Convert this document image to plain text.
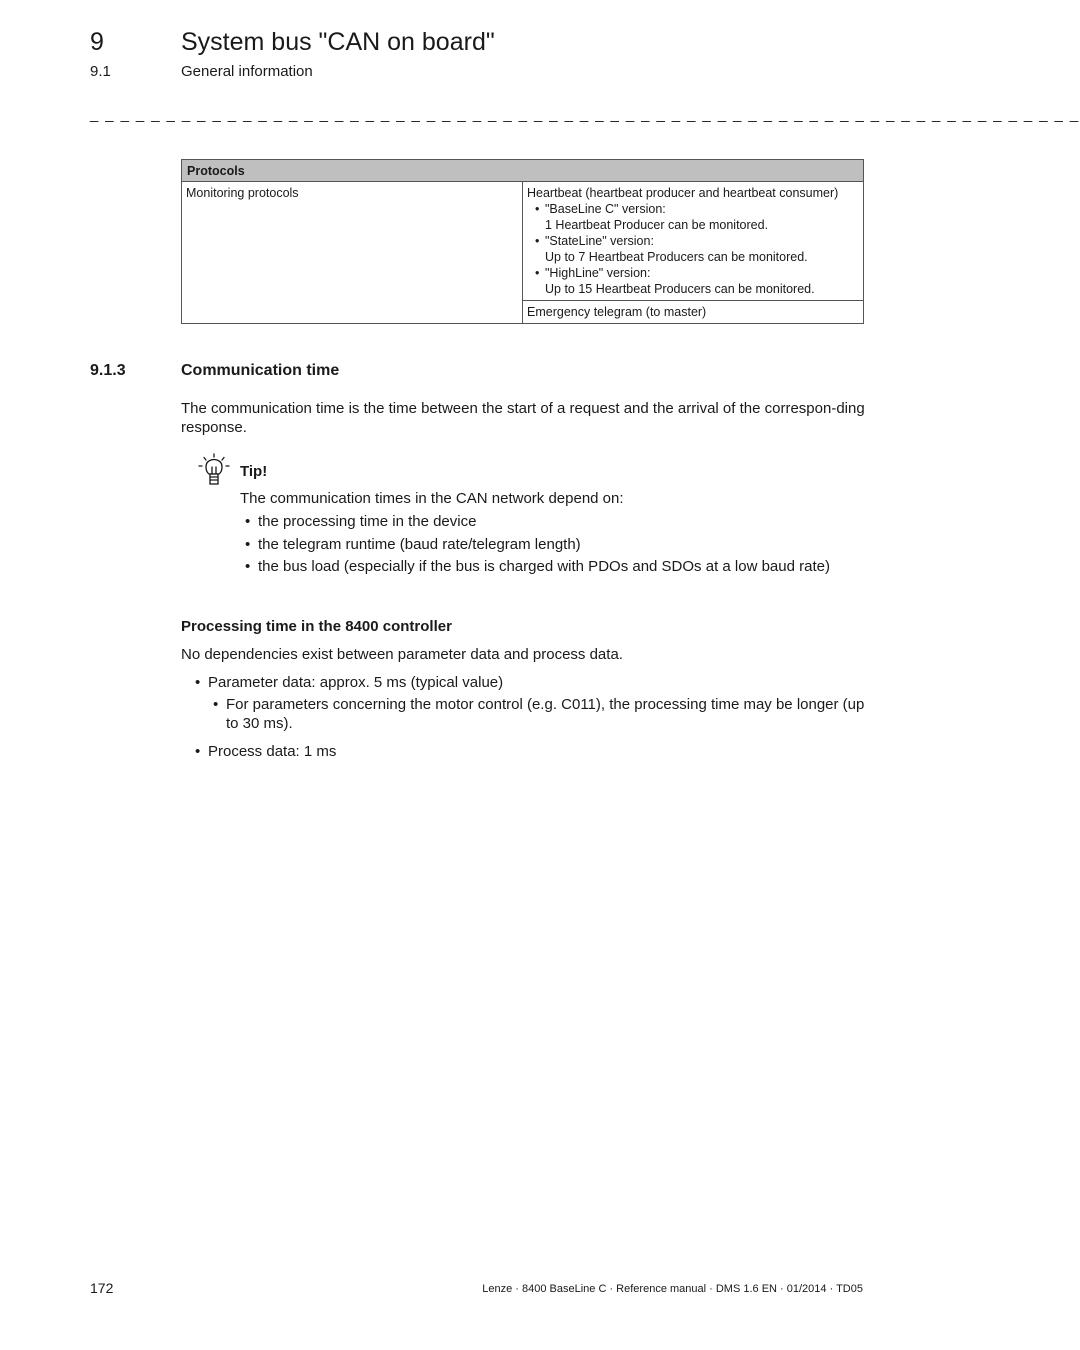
9	System bus "CAN on board"
9.1	General information
_ _ _ _ _ _ _ _ _ _ _ _ _ _ _ _ _ _ _ _ _ _ _ _ _ _ _ _ _ _ _ _ _ _ _ _ _ _ _ _ _ _ _ _ _ _ _ _ _ _ _ _ _ _ _ _ _ _ _ _ _ _ _ _ _
Protocols
Monitoring protocols	Heartbeat (heartbeat producer and heartbeat consumer)
• "BaseLine C" version:
1 Heartbeat Producer can be monitored.
• "StateLine" version:
Up to 7 Heartbeat Producers can be monitored.
• "HighLine" version:
Up to 15 Heartbeat Producers can be monitored.

Emergency telegram (to master)
9.1.3	Communication time
The communication time is the time between the start of a request and the arrival of the correspon-ding response.
Tip!
The communication times in the CAN network depend on:
• the processing time in the device
• the telegram runtime (baud rate/telegram length)
• the bus load (especially if the bus is charged with PDOs and SDOs at a low baud rate)
Processing time in the 8400 controller
No dependencies exist between parameter data and process data.
• Parameter data: approx. 5 ms (typical value)
• For parameters concerning the motor control (e.g. C011), the processing time may be longer (up to 30 ms).
• Process data: 1 ms
172	Lenze · 8400 BaseLine C · Reference manual · DMS 1.6 EN · 01/2014 · TD05
